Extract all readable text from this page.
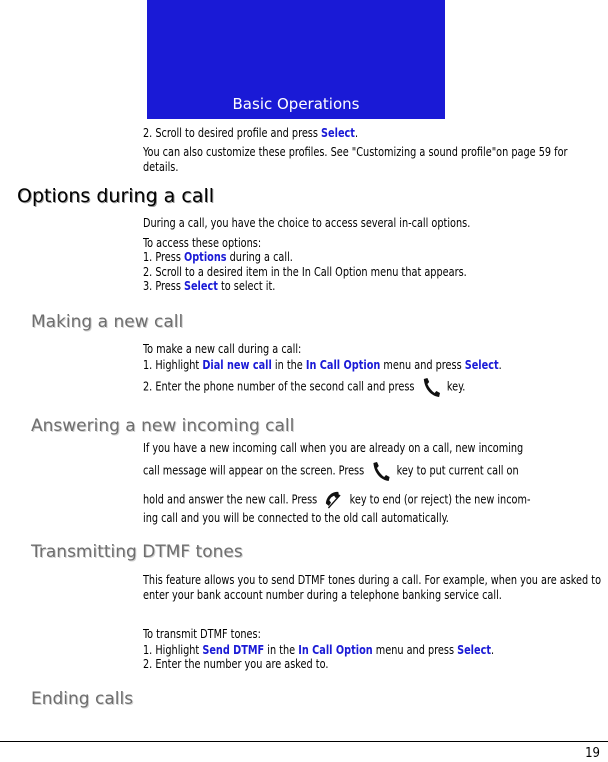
Basic Operations
2. Scroll to desired profile and press Select.
You can also customize these profiles. See "Customizing a sound profile"on page 59 for details.
Options during a call
During a call, you have the choice to access several in-call options.
To access these options:
1. Press Options during a call.
2. Scroll to a desired item in the In Call Option menu that appears.
3. Press Select to select it.
Making a new call
To make a new call during a call:
1. Highlight Dial new call in the In Call Option menu and press Select.
2. Enter the phone number of the second call and press	key.
Answering a new incoming call
If you have a new incoming call when you are already on a call, new incoming
call message will appear on the screen. Press	key to put current call on
hold and answer the new call. Press	key to end (or reject) the new incom-
ing call and you will be connected to the old call automatically.
Transmitting DTMF tones
This feature allows you to send DTMF tones during a call. For example, when you are asked to enter your bank account number during a telephone banking service call.
To transmit DTMF tones:
1. Highlight Send DTMF in the In Call Option menu and press Select.
2. Enter the number you are asked to.
Ending calls
19
